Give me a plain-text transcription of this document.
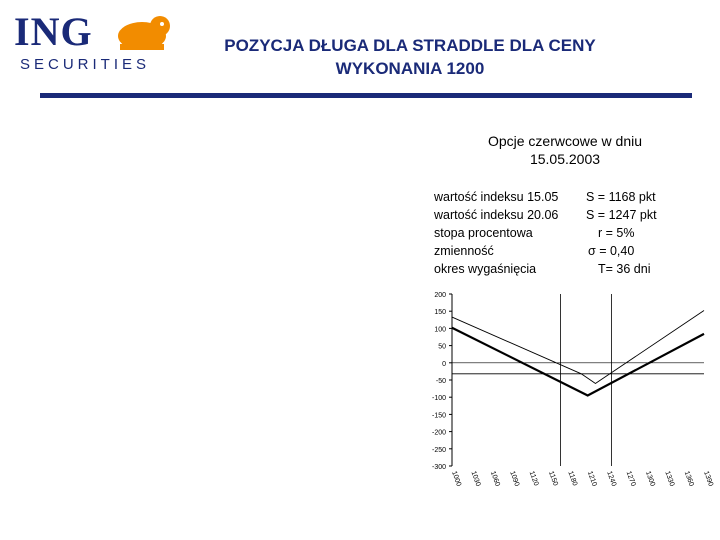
ING
SECURITIES
POZYCJA DŁUGA DLA STRADDLE DLA CENY
WYKONANIA 1200
Opcje czerwcowe w dniu
15.05.2003
wartość indeksu 15.05 S = 1168 pkt
wartość indeksu 20.06 S = 1247 pkt
stopa procentowa	r = 5%
zmienność	σ = 0,40
okres wygaśnięcia	T= 36 dni
200
150
100
50
0
-50
-100
-150
-200
-250
-300
1000 1030 1060 1090 1120 1150 1180 1210 1240 1270 1300 1330 1360 1390
